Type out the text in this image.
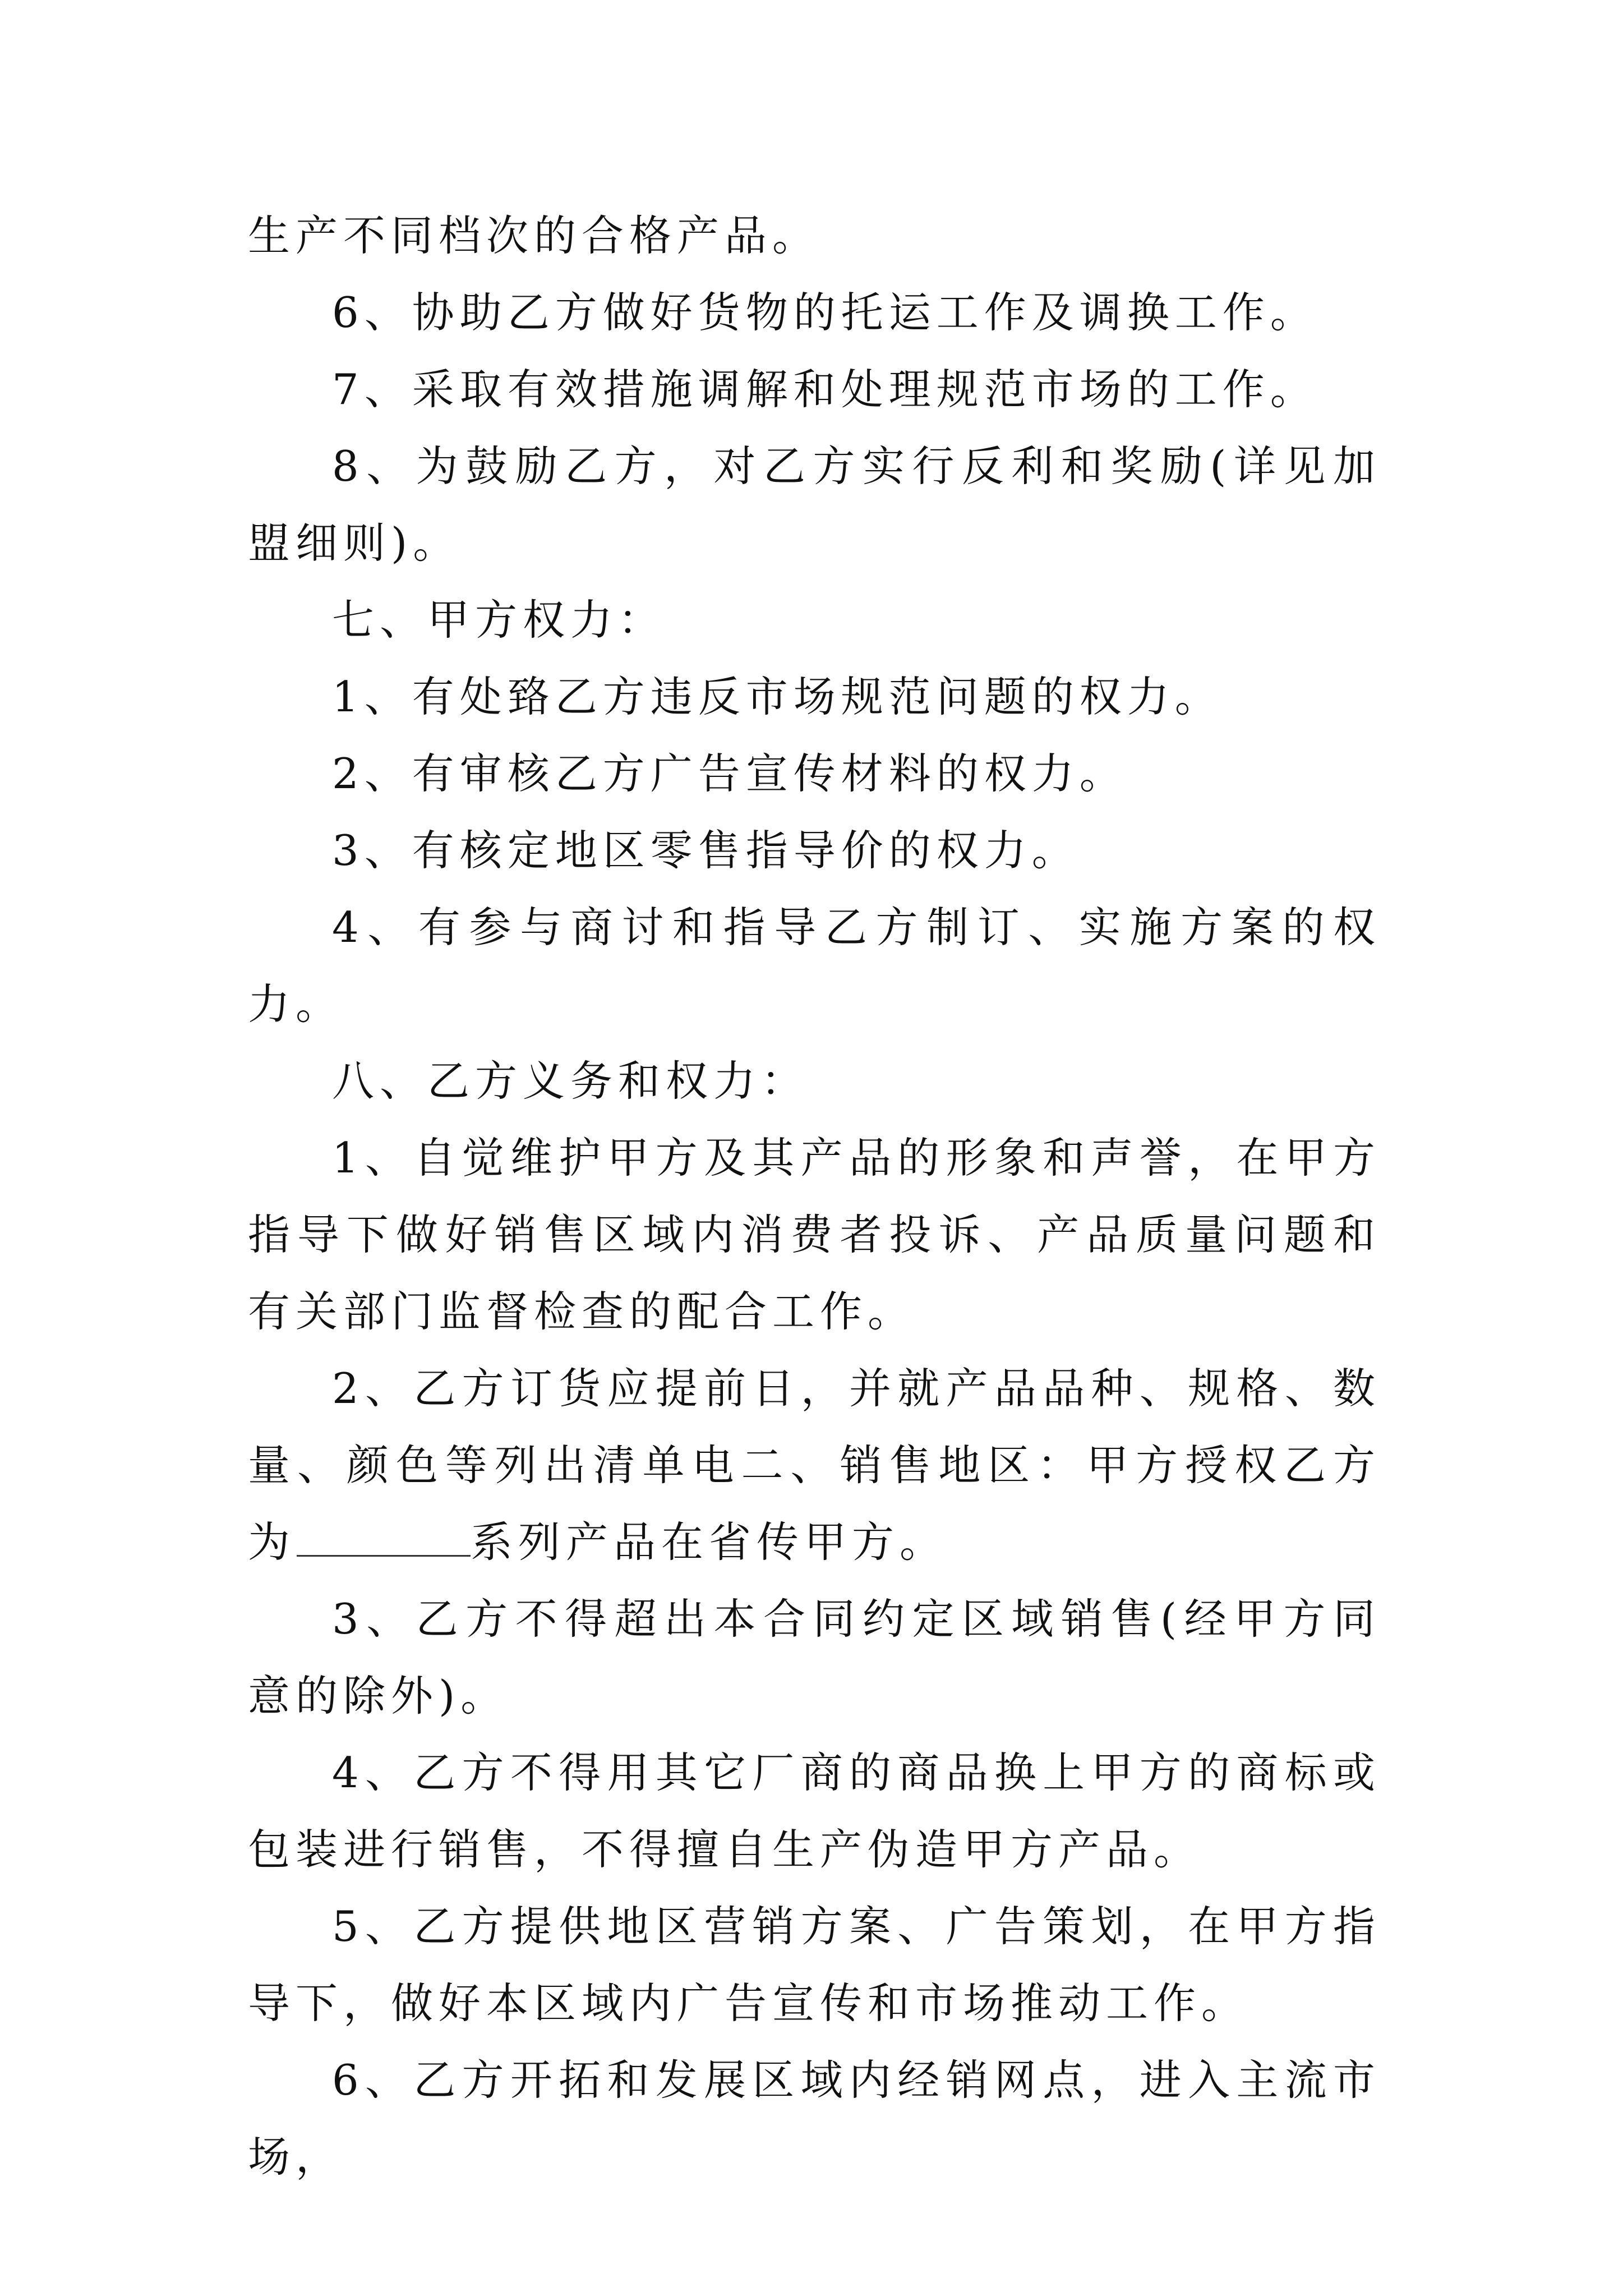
生产不同档次的合格产品。

6、协助乙方做好货物的托运工作及调换工作。

7、采取有效措施调解和处理规范市场的工作。

8、为鼓励乙方，对乙方实行反利和奖励(详见加盟细则)。

七、甲方权力：

1、有处臵乙方违反市场规范问题的权力。

2、有审核乙方广告宣传材料的权力。

3、有核定地区零售指导价的权力。

4、有参与商讨和指导乙方制订、实施方案的权力。

八、乙方义务和权力：

1、自觉维护甲方及其产品的形象和声誉，在甲方指导下做好销售区域内消费者投诉、产品质量问题和有关部门监督检查的配合工作。

2、乙方订货应提前日，并就产品品种、规格、数量、颜色等列出清单电二、销售地区：甲方授权乙方为	系列产品在省传甲方。

3、乙方不得超出本合同约定区域销售(经甲方同意的除外)。

4、乙方不得用其它厂商的商品换上甲方的商标或包装进行销售，不得擅自生产伪造甲方产品。

5、乙方提供地区营销方案、广告策划，在甲方指导下，做好本区域内广告宣传和市场推动工作。

6、乙方开拓和发展区域内经销网点，进入主流市场，
